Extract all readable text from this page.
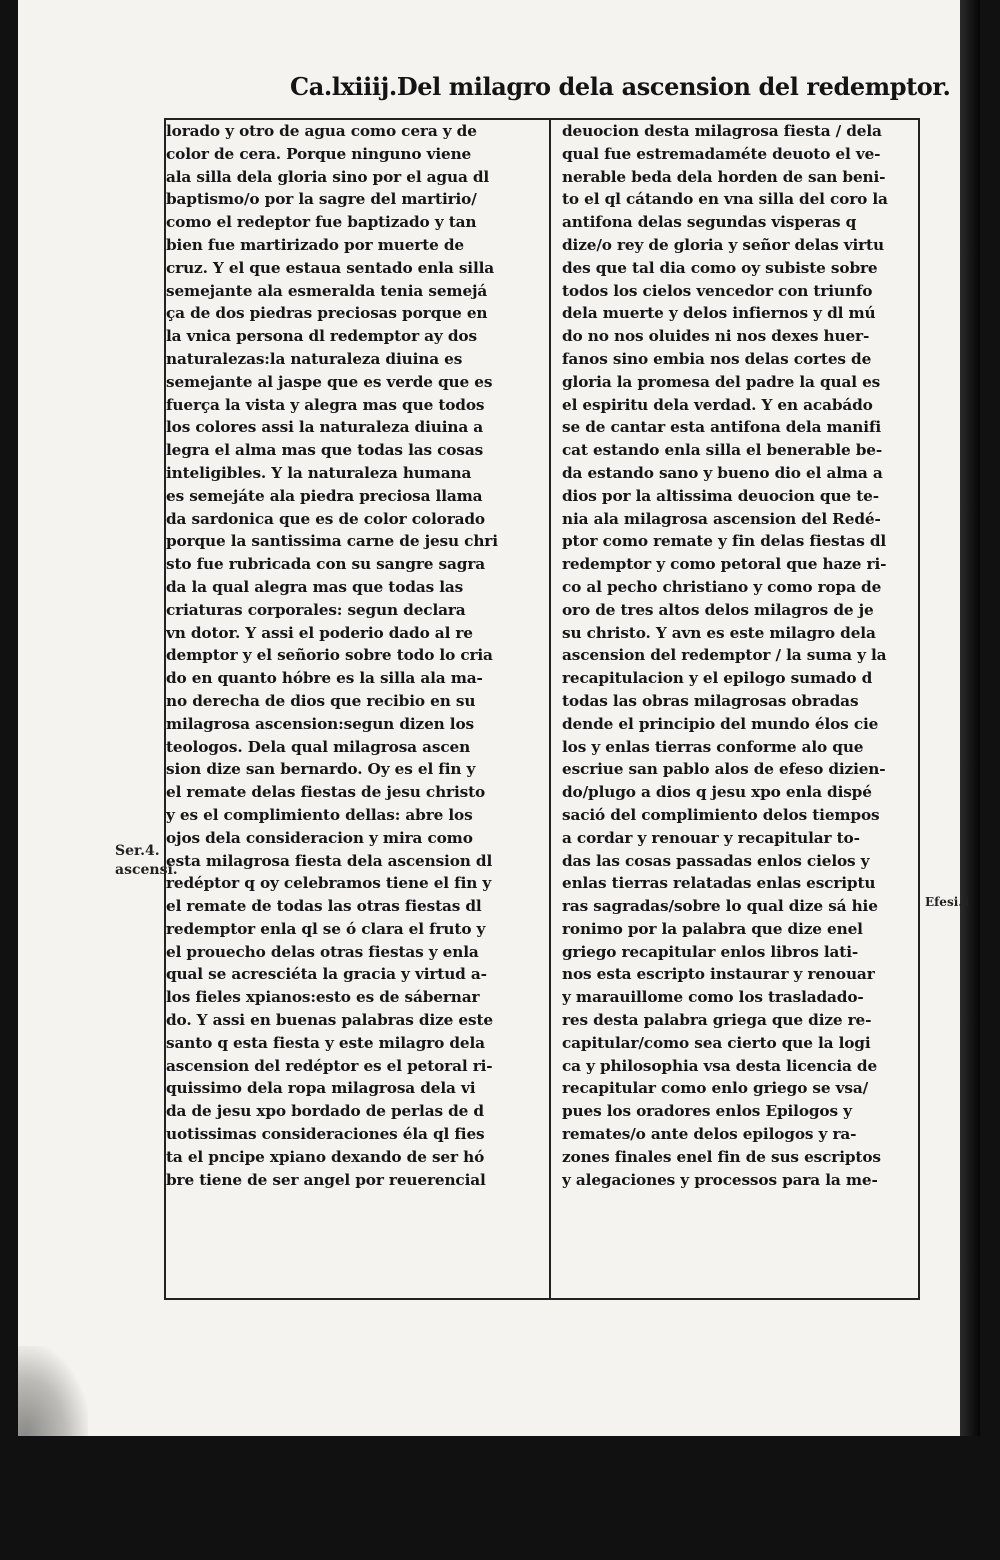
Ca.lxiiij.Del milagro dela ascension del redemptor.
Ser.4.
ascensi.
Efesi.1
lorado y otro de agua como cera y de
color de cera. Porque ninguno viene
ala silla dela gloria sino por el agua dl
baptismo/o por la sagre del martirio/
como el redeptor fue baptizado y tan
bien fue martirizado por muerte de
cruz. Y el que estaua sentado enla silla
semejante ala esmeralda tenia semejá
ça de dos piedras preciosas porque en
la vnica persona dl redemptor ay dos
naturalezas:la naturaleza diuina es
semejante al jaspe que es verde que es
fuerça la vista y alegra mas que todos
los colores assi la naturaleza diuina a
legra el alma mas que todas las cosas
inteligibles. Y la naturaleza humana
es semejáte ala piedra preciosa llama
da sardonica que es de color colorado
porque la santissima carne de jesu chri
sto fue rubricada con su sangre sagra
da la qual alegra mas que todas las
criaturas corporales: segun declara
vn dotor. Y assi el poderio dado al re
demptor y el señorio sobre todo lo cria
do en quanto hóbre es la silla ala ma-
no derecha de dios que recibio en su
milagrosa ascension:segun dizen los
teologos. Dela qual milagrosa ascen
sion dize san bernardo. Oy es el fin y
el remate delas fiestas de jesu christo
y es el complimiento dellas: abre los
ojos dela consideracion y mira como
esta milagrosa fiesta dela ascension dl
redéptor q oy celebramos tiene el fin y
el remate de todas las otras fiestas dl
redemptor enla ql se ó clara el fruto y
el prouecho delas otras fiestas y enla
qual se acresciéta la gracia y virtud a-
los fieles xpianos:esto es de sábernar
do. Y assi en buenas palabras dize este
santo q esta fiesta y este milagro dela
ascension del redéptor es el petoral ri-
quissimo dela ropa milagrosa dela vi
da de jesu xpo bordado de perlas de d
uotissimas consideraciones éla ql fies
ta el pncipe xpiano dexando de ser hó
bre tiene de ser angel por reuerencial
deuocion desta milagrosa fiesta / dela
qual fue estremadaméte deuoto el ve-
nerable beda dela horden de san beni-
to el ql cátando en vna silla del coro la
antifona delas segundas visperas q
dize/o rey de gloria y señor delas virtu
des que tal dia como oy subiste sobre
todos los cielos vencedor con triunfo
dela muerte y delos infiernos y dl mú
do no nos oluides ni nos dexes huer-
fanos sino embia nos delas cortes de
gloria la promesa del padre la qual es
el espiritu dela verdad. Y en acabádo
se de cantar esta antifona dela manifi
cat estando enla silla el benerable be-
da estando sano y bueno dio el alma a
dios por la altissima deuocion que te-
nia ala milagrosa ascension del Redé-
ptor como remate y fin delas fiestas dl
redemptor y como petoral que haze ri-
co al pecho christiano y como ropa de
oro de tres altos delos milagros de je
su christo. Y avn es este milagro dela
ascension del redemptor / la suma y la
recapitulacion y el epilogo sumado d
todas las obras milagrosas obradas
dende el principio del mundo élos cie
los y enlas tierras conforme alo que
escriue san pablo alos de efeso dizien-
do/plugo a dios q jesu xpo enla dispé
sació del complimiento delos tiempos
a cordar y renouar y recapitular to-
das las cosas passadas enlos cielos y
enlas tierras relatadas enlas escriptu
ras sagradas/sobre lo qual dize sá hie
ronimo por la palabra que dize enel
griego recapitular enlos libros lati-
nos esta escripto instaurar y renouar
y marauillome como los trasladado-
res desta palabra griega que dize re-
capitular/como sea cierto que la logi
ca y philosophia vsa desta licencia de
recapitular como enlo griego se vsa/
pues los oradores enlos Epilogos y
remates/o ante delos epilogos y ra-
zones finales enel fin de sus escriptos
y alegaciones y processos para la me-
